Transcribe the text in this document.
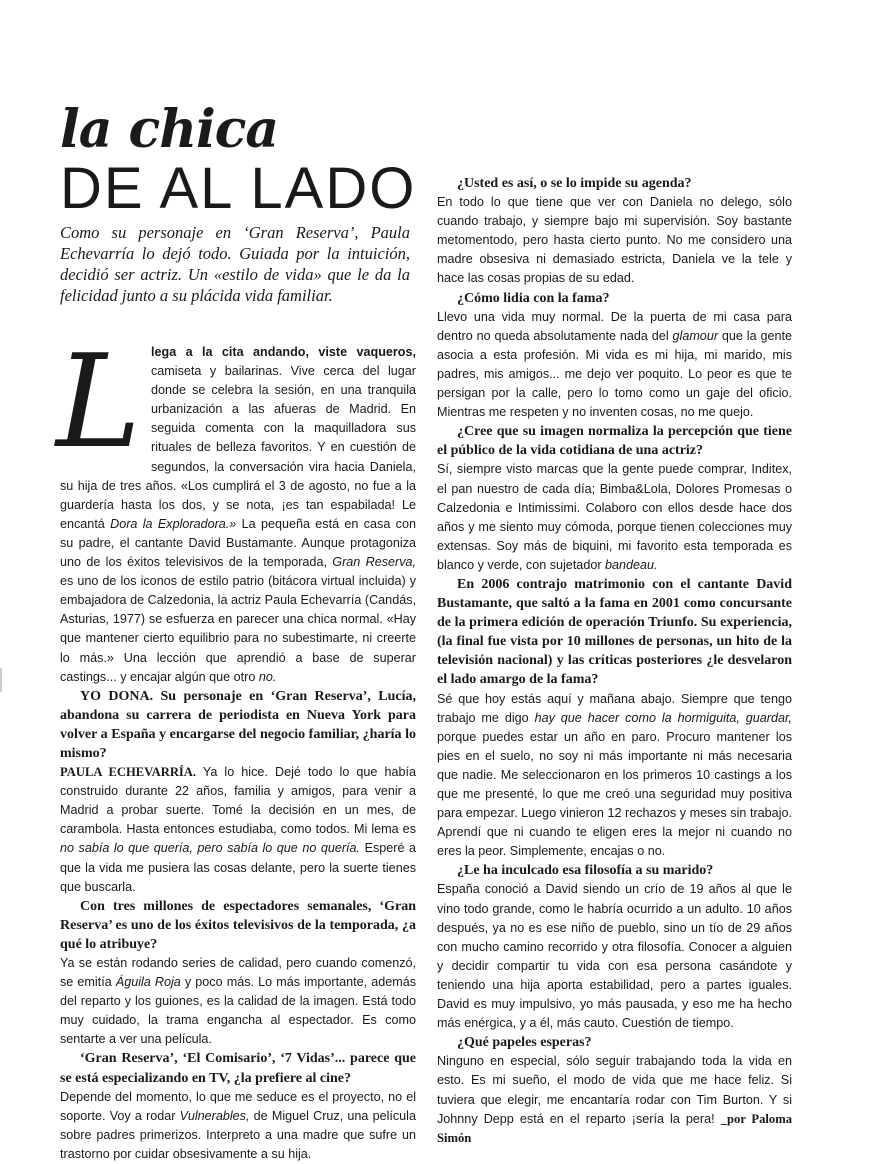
la chica
DE AL LADO
Como su personaje en ‘Gran Reserva’, Paula Echevarría lo dejó todo. Guiada por la intuición, decidió ser actriz. Un «estilo de vida» que le da la felicidad junto a su plácida vida familiar.

Llega a la cita andando, viste vaqueros, camiseta y bailarinas. Vive cerca del lugar donde se celebra la sesión, en una tranquila urbanización a las afueras de Madrid. En seguida comenta con la maquilladora sus rituales de belleza favoritos. Y en cuestión de segundos, la conversación vira hacia Daniela, su hija de tres años. «Los cumplirá el 3 de agosto, no fue a la guardería hasta los dos, y se nota, ¡es tan espabilada! Le encantá Dora la Exploradora.» La pequeña está en casa con su padre, el cantante David Bustamante. Aunque protagoniza uno de los éxitos televisivos de la temporada, Gran Reserva, es uno de los iconos de estilo patrio (bitácora virtual incluida) y embajadora de Calzedonia, la actriz Paula Echevarría (Candás, Asturias, 1977) se esfuerza en parecer una chica normal. «Hay que mantener cierto equilibrio para no subestimarte, ni creerte lo más.» Una lección que aprendió a base de superar castings... y encajar algún que otro no.

YO DONA. Su personaje en ‘Gran Reserva’, Lucía, abandona su carrera de periodista en Nueva York para volver a España y encargarse del negocio familiar, ¿haría lo mismo?

PAULA ECHEVARRÍA. Ya lo hice. Dejé todo lo que había construido durante 22 años, familia y amigos, para venir a Madrid a probar suerte. Tomé la decisión en un mes, de carambola. Hasta entonces estudiaba, como todos. Mi lema es no sabía lo que quería, pero sabía lo que no quería. Esperé a que la vida me pusiera las cosas delante, pero la suerte tienes que buscarla.

Con tres millones de espectadores semanales, ‘Gran Reserva’ es uno de los éxitos televisivos de la temporada, ¿a qué lo atribuye?

Ya se están rodando series de calidad, pero cuando comenzó, se emitía Águila Roja y poco más. Lo más importante, además del reparto y los guiones, es la calidad de la imagen. Está todo muy cuidado, la trama engancha al espectador. Es como sentarte a ver una película.

‘Gran Reserva’, ‘El Comisario’, ‘7 Vidas’... parece que se está especializando en TV, ¿la prefiere al cine?

Depende del momento, lo que me seduce es el proyecto, no el soporte. Voy a rodar Vulnerables, de Miguel Cruz, una película sobre padres primerizos. Interpreto a una madre que sufre un trastorno por cuidar obsesivamente a su hija.

¿Usted es así, o se lo impide su agenda?

En todo lo que tiene que ver con Daniela no delego, sólo cuando trabajo, y siempre bajo mi supervisión. Soy bastante metomentodo, pero hasta cierto punto. No me considero una madre obsesiva ni demasiado estricta, Daniela ve la tele y hace las cosas propias de su edad.

¿Cómo lidia con la fama?

Llevo una vida muy normal. De la puerta de mi casa para dentro no queda absolutamente nada del glamour que la gente asocia a esta profesión. Mi vida es mi hija, mi marido, mis padres, mis amigos... me dejo ver poquito. Lo peor es que te persigan por la calle, pero lo tomo como un gaje del oficio. Mientras me respeten y no inventen cosas, no me quejo.

¿Cree que su imagen normaliza la percepción que tiene el público de la vida cotidiana de una actriz?

Sí, siempre visto marcas que la gente puede comprar, Inditex, el pan nuestro de cada día; Bimba&Lola, Dolores Promesas o Calzedonia e Intimissimi. Colaboro con ellos desde hace dos años y me siento muy cómoda, porque tienen colecciones muy extensas. Soy más de biquini, mi favorito esta temporada es blanco y verde, con sujetador bandeau.

En 2006 contrajo matrimonio con el cantante David Bustamante, que saltó a la fama en 2001 como concursante de la primera edición de operación Triunfo. Su experiencia, (la final fue vista por 10 millones de personas, un hito de la televisión nacional) y las críticas posteriores ¿le desvelaron el lado amargo de la fama?

Sé que hoy estás aquí y mañana abajo. Siempre que tengo trabajo me digo hay que hacer como la hormiguita, guardar, porque puedes estar un año en paro. Procuro mantener los pies en el suelo, no soy ni más importante ni más necesaria que nadie. Me seleccionaron en los primeros 10 castings a los que me presenté, lo que me creó una seguridad muy positiva para empezar. Luego vinieron 12 rechazos y meses sin trabajo. Aprendí que ni cuando te eligen eres la mejor ni cuando no eres la peor. Simplemente, encajas o no.

¿Le ha inculcado esa filosofía a su marido?

España conoció a David siendo un crío de 19 años al que le vino todo grande, como le habría ocurrido a un adulto. 10 años después, ya no es ese niño de pueblo, sino un tío de 29 años con mucho camino recorrido y otra filosofía. Conocer a alguien y decidir compartir tu vida con esa persona casándote y teniendo una hija aporta estabilidad, pero a partes iguales. David es muy impulsivo, yo más pausada, y eso me ha hecho más enérgica, y a él, más cauto. Cuestión de tiempo.

¿Qué papeles esperas?

Ninguno en especial, sólo seguir trabajando toda la vida en esto. Es mi sueño, el modo de vida que me hace feliz. Si tuviera que elegir, me encantaría rodar con Tim Burton. Y si Johnny Depp está en el reparto ¡sería la pera! _por Paloma Simón
